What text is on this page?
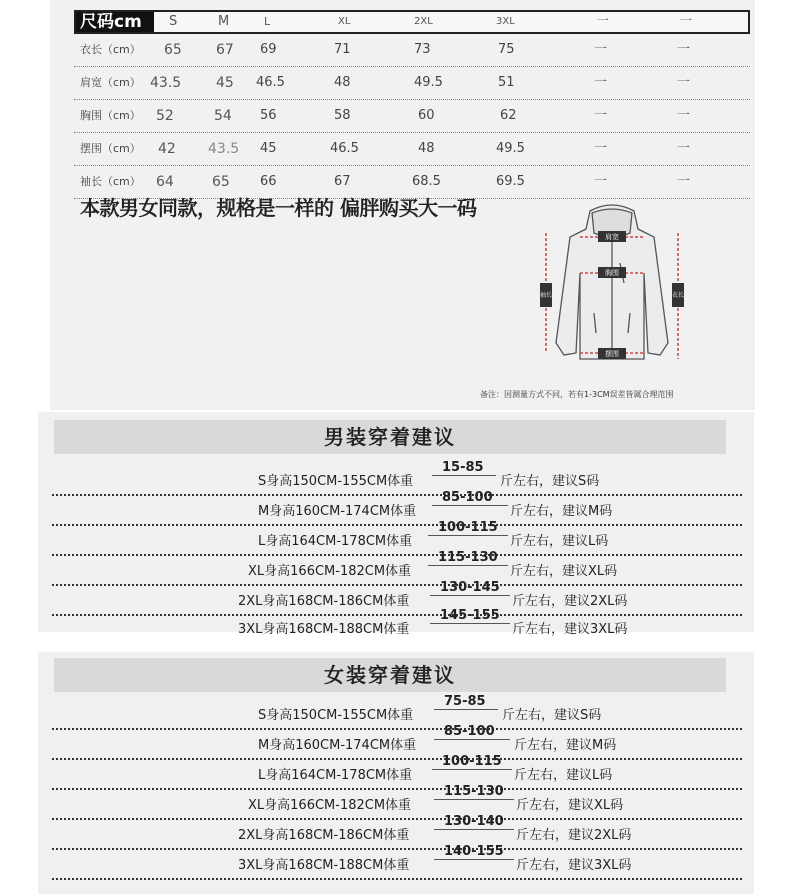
尺码cm	S	M	L	XL	2XL	3XL	一	一
衣长（cm） 65 67 69	71	73	75	一	一
肩宽（cm） 43.5 45 46.5	48	49.5	51	一	一
胸围（cm） 52	54 56	58	60	62	一	一
摆围（cm） 42 43.5 45	46.5	48	49.5	一	一
袖长（cm） 64	65 66	67	68.5	69.5	一	一
本款男女同款，规格是一样的 偏胖购买大一码
肩宽
胸围
摆围
袖长	衣长
备注：因测量方式不同，若有1-3CM误差皆属合理范围
男装穿着建议
S身高150CM-155CM体重
15-85
斤左右，建议S码
M身高160CM-174CM体重
85-100
斤左右，建议M码
L身高164CM-178CM体重
100-115
斤左右，建议L码
XL身高166CM-182CM体重
115-130
斤左右，建议XL码
2XL身高168CM-186CM体重
130-145
斤左右，建议2XL码
3XL身高168CM-188CM体重
145-155
斤左右，建议3XL码
女装穿着建议
S身高150CM-155CM体重
75-85
斤左右，建议S码
M身高160CM-174CM体重
85-100
斤左右，建议M码
L身高164CM-178CM体重
100-115
斤左右，建议L码
XL身高166CM-182CM体重
115-130
斤左右，建议XL码
2XL身高168CM-186CM体重
130-140
斤左右，建议2XL码
3XL身高168CM-188CM体重
140-155
斤左右，建议3XL码
